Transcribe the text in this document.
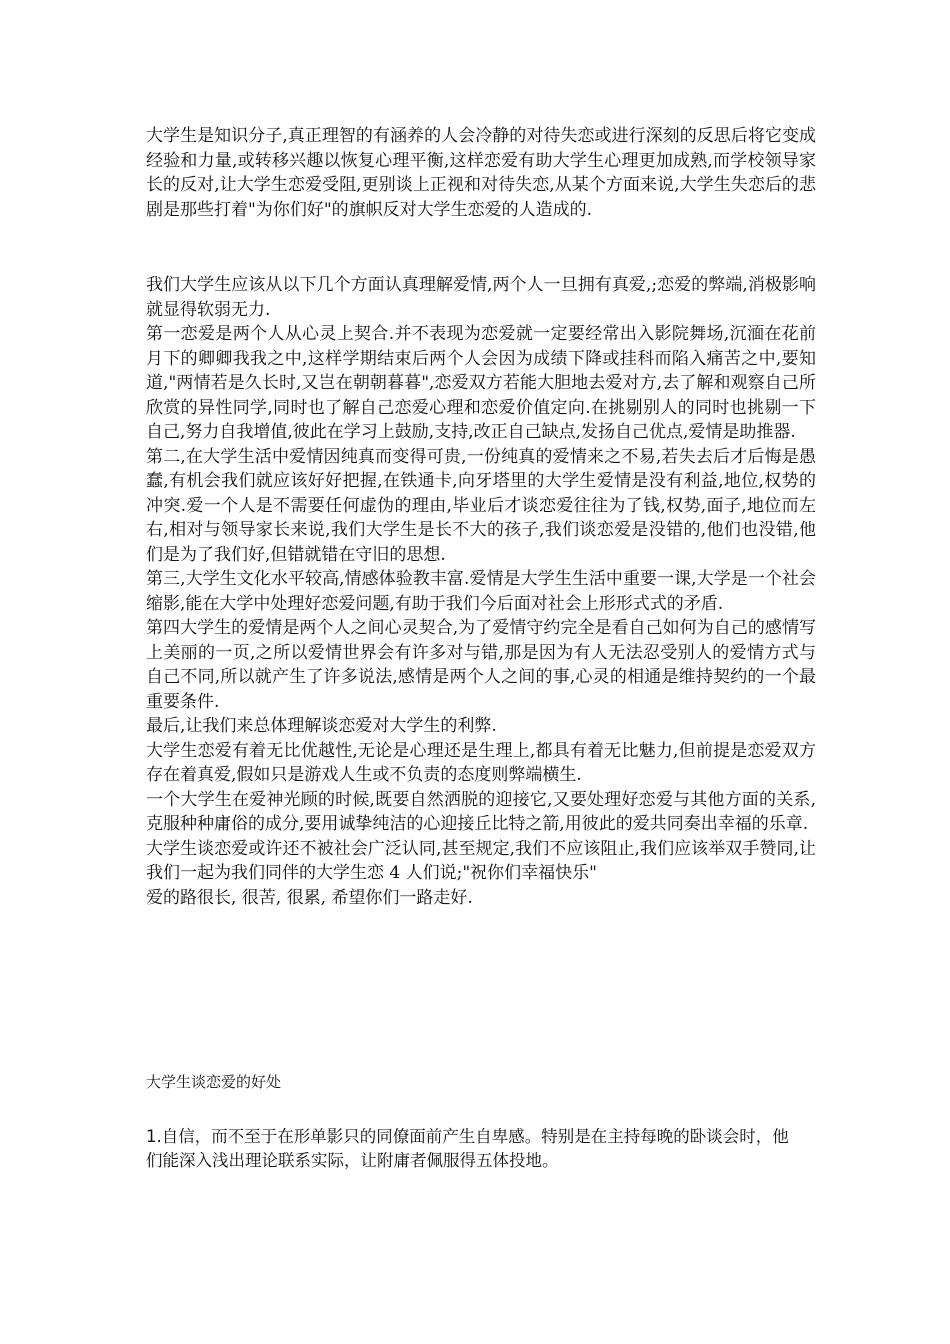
大学生是知识分子,真正理智的有涵养的人会冷静的对待失恋或进行深刻的反思后将它变成经验和力量,或转移兴趣以恢复心理平衡,这样恋爱有助大学生心理更加成熟,而学校领导家长的反对,让大学生恋爱受阻,更别谈上正视和对待失恋,从某个方面来说,大学生失恋后的悲剧是那些打着"为你们好"的旗帜反对大学生恋爱的人造成的.

我们大学生应该从以下几个方面认真理解爱情,两个人一旦拥有真爱,;恋爱的弊端,消极影响就显得软弱无力.

第一恋爱是两个人从心灵上契合.并不表现为恋爱就一定要经常出入影院舞场,沉湎在花前月下的卿卿我我之中,这样学期结束后两个人会因为成绩下降或挂科而陷入痛苦之中,要知道,"两情若是久长时,又岂在朝朝暮暮",恋爱双方若能大胆地去爱对方,去了解和观察自己所欣赏的异性同学,同时也了解自己恋爱心理和恋爱价值定向.在挑剔别人的同时也挑剔一下自己,努力自我增值,彼此在学习上鼓励,支持,改正自己缺点,发扬自己优点,爱情是助推器.

第二,在大学生活中爱情因纯真而变得可贵,一份纯真的爱情来之不易,若失去后才后悔是愚蠢,有机会我们就应该好好把握,在铁通卡,向牙塔里的大学生爱情是没有利益,地位,权势的冲突.爱一个人是不需要任何虚伪的理由,毕业后才谈恋爱往往为了钱,权势,面子,地位而左右,相对与领导家长来说,我们大学生是长不大的孩子,我们谈恋爱是没错的,他们也没错,他们是为了我们好,但错就错在守旧的思想.

第三,大学生文化水平较高,情感体验教丰富.爱情是大学生生活中重要一课,大学是一个社会缩影,能在大学中处理好恋爱问题,有助于我们今后面对社会上形形式式的矛盾.

第四大学生的爱情是两个人之间心灵契合,为了爱情守约完全是看自己如何为自己的感情写上美丽的一页,之所以爱情世界会有许多对与错,那是因为有人无法忍受别人的爱情方式与自己不同,所以就产生了许多说法,感情是两个人之间的事,心灵的相通是维持契约的一个最重要条件.

最后,让我们来总体理解谈恋爱对大学生的利弊.

大学生恋爱有着无比优越性,无论是心理还是生理上,都具有着无比魅力,但前提是恋爱双方存在着真爱,假如只是游戏人生或不负责的态度则弊端横生.

一个大学生在爱神光顾的时候,既要自然洒脱的迎接它,又要处理好恋爱与其他方面的关系,克服种种庸俗的成分,要用诚挚纯洁的心迎接丘比特之箭,用彼此的爱共同奏出幸福的乐章.

大学生谈恋爱或许还不被社会广泛认同,甚至规定,我们不应该阻止,我们应该举双手赞同,让我们一起为我们同伴的大学生恋 4 人们说;"祝你们幸福快乐"

爱的路很长, 很苦, 很累, 希望你们一路走好.

大学生谈恋爱的好处

1.自信，而不至于在形单影只的同僚面前产生自卑感。特别是在主持每晚的卧谈会时，他

们能深入浅出理论联系实际，让附庸者佩服得五体投地。
